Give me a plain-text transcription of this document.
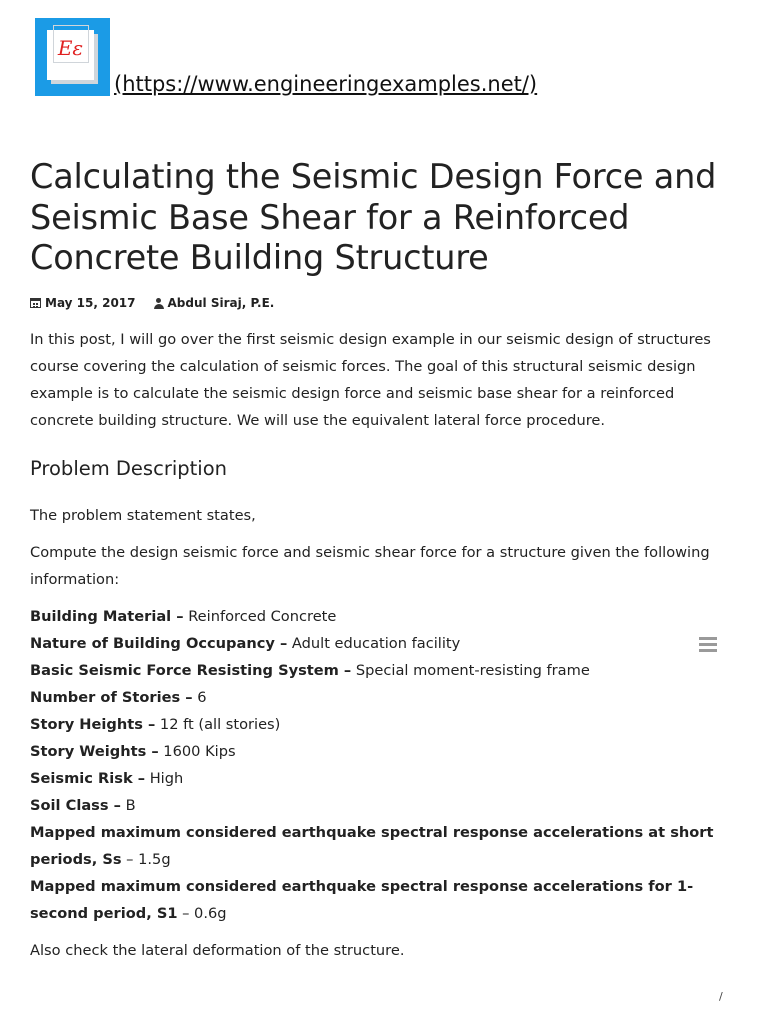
Eε
(https://www.engineeringexamples.net/)
Calculating the Seismic Design Force and Seismic Base Shear for a Reinforced Concrete Building Structure
May 15, 2017	Abdul Siraj, P.E.

In this post, I will go over the first seismic design example in our seismic design of structures course covering the calculation of seismic forces. The goal of this structural seismic design example is to calculate the seismic design force and seismic base shear for a reinforced concrete building structure. We will use the equivalent lateral force procedure.

Problem Description

The problem statement states,

Compute the design seismic force and seismic shear force for a structure given the following information:

Building Material – Reinforced Concrete

Nature of Building Occupancy – Adult education facility

Basic Seismic Force Resisting System – Special moment-resisting frame

Number of Stories – 6

Story Heights – 12 ft (all stories)

Story Weights – 1600 Kips

Seismic Risk – High

Soil Class – B

Mapped maximum considered earthquake spectral response accelerations at short periods, Ss – 1.5g

Mapped maximum considered earthquake spectral response accelerations for 1-second period, S1 – 0.6g

Also check the lateral deformation of the structure.

/
